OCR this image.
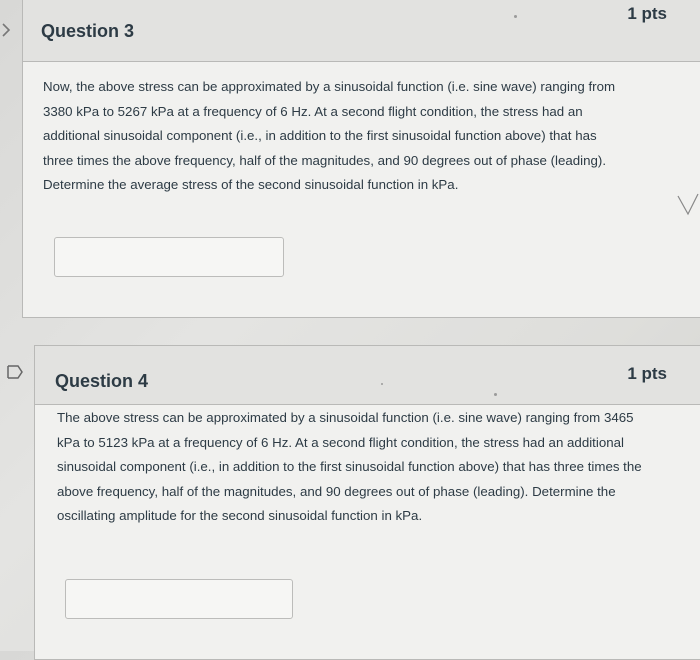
Question 3
1 pts
Now, the above stress can be approximated by a sinusoidal function (i.e. sine wave) ranging from
3380 kPa to 5267 kPa at a frequency of 6 Hz. At a second flight condition, the stress had an
additional sinusoidal component (i.e., in addition to the first sinusoidal function above) that has
three times the above frequency, half of the magnitudes, and 90 degrees out of phase (leading).
Determine the average stress of the second sinusoidal function in kPa.
Question 4	1 pts
The above stress can be approximated by a sinusoidal function (i.e. sine wave) ranging from 3465
kPa to 5123 kPa at a frequency of 6 Hz. At a second flight condition, the stress had an additional
sinusoidal component (i.e., in addition to the first sinusoidal function above) that has three times the
above frequency, half of the magnitudes, and 90 degrees out of phase (leading). Determine the
oscillating amplitude for the second sinusoidal function in kPa.
